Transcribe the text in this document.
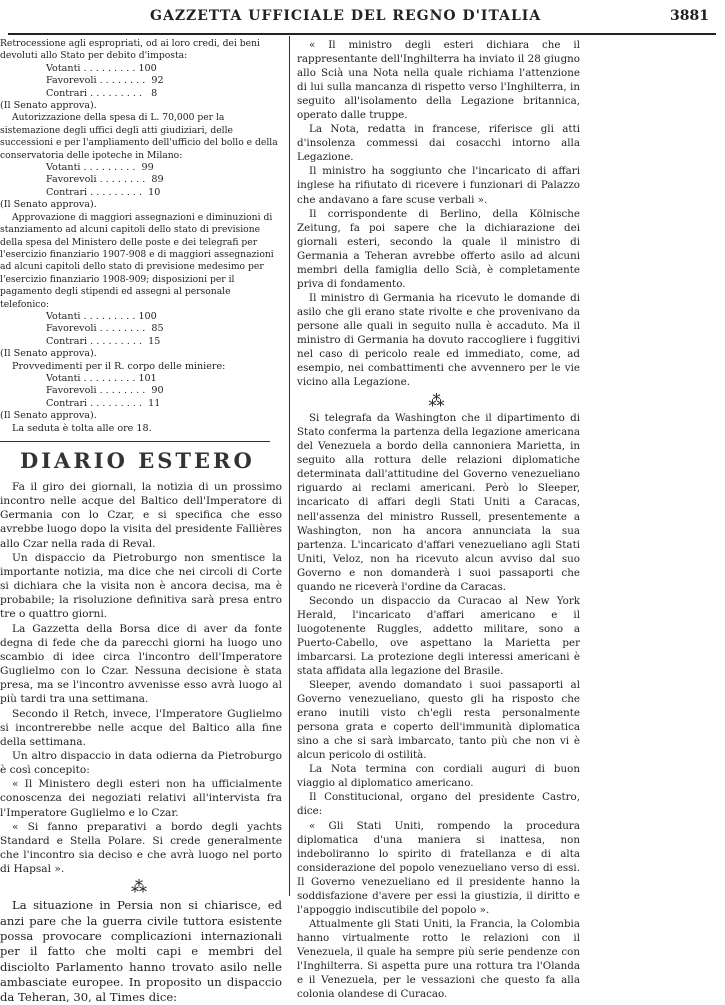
GAZZETTA UFFICIALE DEL REGNO D'ITALIA	3881

Retrocessione agli espropriati, od ai loro credi, dei beni devoluti allo Stato per debito d'imposta:

Votanti . . . . . . . . . 100

Favorevoli . . . . . . . .  92

Contrari . . . . . . . . .   8

(Il Senato approva).

Autorizzazione della spesa di L. 70,000 per la sistemazione degli uffici degli atti giudiziari, delle successioni e per l'ampliamento dell'ufficio del bollo e della conservatoria delle ipoteche in Milano:

Votanti . . . . . . . . .  99

Favorevoli . . . . . . . .  89

Contrari . . . . . . . . .  10

(Il Senato approva).

Approvazione di maggiori assegnazioni e diminuzioni di stanziamento ad alcuni capitoli dello stato di previsione della spesa del Ministero delle poste e dei telegrafi per l'esercizio finanziario 1907-908 e di maggiori assegnazioni ad alcuni capitoli dello stato di previsione medesimo per l'esercizio finanziario 1908-909; disposizioni per il pagamento degli stipendi ed assegni al personale telefonico:

Votanti . . . . . . . . . 100

Favorevoli . . . . . . . .  85

Contrari . . . . . . . . .  15

(Il Senato approva).

Provvedimenti per il R. corpo delle miniere:

Votanti . . . . . . . . . 101

Favorevoli . . . . . . . .  90

Contrari . . . . . . . . .  11

(Il Senato approva).

La seduta è tolta alle ore 18.

DIARIO ESTERO

Fa il giro dei giornali, la notizia di un prossimo incontro nelle acque del Baltico dell'Imperatore di Germania con lo Czar, e si specifica che esso avrebbe luogo dopo la visita del presidente Fallières allo Czar nella rada di Reval.

Un dispaccio da Pietroburgo non smentisce la importante notizia, ma dice che nei circoli di Corte si dichiara che la visita non è ancora decisa, ma è probabile; la risoluzione definitiva sarà presa entro tre o quattro giorni.

La Gazzetta della Borsa dice di aver da fonte degna di fede che da parecchi giorni ha luogo uno scambio di idee circa l'incontro dell'Imperatore Guglielmo con lo Czar. Nessuna decisione è stata presa, ma se l'incontro avvenisse esso avrà luogo al più tardi tra una settimana.

Secondo il Retch, invece, l'Imperatore Guglielmo si incontrerebbe nelle acque del Baltico alla fine della settimana.

Un altro dispaccio in data odierna da Pietroburgo è così concepito:

« Il Ministero degli esteri non ha ufficialmente conoscenza dei negoziati relativi all'intervista fra l'Imperatore Guglielmo e lo Czar.

« Si fanno preparativi a bordo degli yachts Standard e Stella Polare. Si crede generalmente che l'incontro sia deciso e che avrà luogo nel porto di Hapsal ».

⁂

La situazione in Persia non si chiarisce, ed anzi pare che la guerra civile tuttora esistente possa provocare complicazioni internazionali per il fatto che molti capi e membri del disciolto Parlamento hanno trovato asilo nelle ambasciate europee. In proposito un dispaccio da Teheran, 30, al Times dice:

« Il ministro degli esteri dichiara che il rappresentante dell'Inghilterra ha inviato il 28 giugno allo Scià una Nota nella quale richiama l'attenzione di lui sulla mancanza di rispetto verso l'Inghilterra, in seguito all'isolamento della Legazione britannica, operato dalle truppe.

La Nota, redatta in francese, riferisce gli atti d'insolenza commessi dai cosacchi intorno alla Legazione.

Il ministro ha soggiunto che l'incaricato di affari inglese ha rifiutato di ricevere i funzionari di Palazzo che andavano a fare scuse verbali ».

Il corrispondente di Berlino, della Kölnische Zeitung, fa poi sapere che la dichiarazione dei giornali esteri, secondo la quale il ministro di Germania a Teheran avrebbe offerto asilo ad alcuni membri della famiglia dello Scià, è completamente priva di fondamento.

Il ministro di Germania ha ricevuto le domande di asilo che gli erano state rivolte e che provenivano da persone alle quali in seguito nulla è accaduto. Ma il ministro di Germania ha dovuto raccogliere i fuggitivi nel caso di pericolo reale ed immediato, come, ad esempio, nei combattimenti che avvennero per le vie vicino alla Legazione.

⁂

Si telegrafa da Washington che il dipartimento di Stato conferma la partenza della legazione americana del Venezuela a bordo della cannoniera Marietta, in seguito alla rottura delle relazioni diplomatiche determinata dall'attitudine del Governo venezueliano riguardo ai reclami americani. Però lo Sleeper, incaricato di affari degli Stati Uniti a Caracas, nell'assenza del ministro Russell, presentemente a Washington, non ha ancora annunciata la sua partenza. L'incaricato d'affari venezueliano agli Stati Uniti, Veloz, non ha ricevuto alcun avviso dal suo Governo e non domanderà i suoi passaporti che quando ne riceverà l'ordine da Caracas.

Secondo un dispaccio da Curacao al New York Herald, l'incaricato d'affari americano e il luogotenente Ruggles, addetto militare, sono a Puerto-Cabello, ove aspettano la Marietta per imbarcarsi. La protezione degli interessi americani è stata affidata alla legazione del Brasile.

Sleeper, avendo domandato i suoi passaporti al Governo venezueliano, questo gli ha risposto che erano inutili visto ch'egli resta personalmente persona grata e coperto dell'immunità diplomatica sino a che si sarà imbarcato, tanto più che non vi è alcun pericolo di ostilità.

La Nota termina con cordiali auguri di buon viaggio al diplomatico americano.

Il Constitucional, organo del presidente Castro, dice:

« Gli Stati Uniti, rompendo la procedura diplomatica d'una maniera si inattesa, non indeboliranno lo spirito di fratellanza e di alta considerazione del popolo venezueliano verso di essi. Il Governo venezueliano ed il presidente hanno la soddisfazione d'avere per essi la giustizia, il diritto e l'appoggio indiscutibile del popolo ».

Attualmente gli Stati Uniti, la Francia, la Colombia hanno virtualmente rotto le relazioni con il Venezuela, il quale ha sempre più serie pendenze con l'Inghilterra. Si aspetta pure una rottura tra l'Olanda e il Venezuela, per le vessazioni che questo fa alla colonia olandese di Curacao.
